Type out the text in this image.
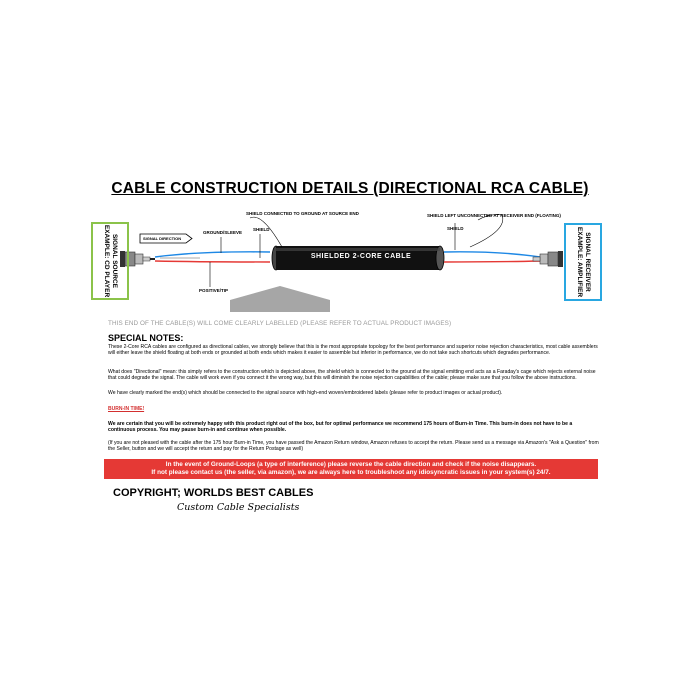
CABLE CONSTRUCTION DETAILS (DIRECTIONAL RCA CABLE)
SIGNAL SOURCE
EXAMPLE: CD PLAYER	SIGNAL RECEIVER
EXAMPLE: AMPLIFIER
SIGNAL DIRECTION
GROUND/SLEEVE
SHIELD
SHIELD CONNECTED TO GROUND AT SOURCE END	SHIELD LEFT UNCONNECTED AT RECEIVER END (FLOATING)
SHIELD
SHIELDED 2-CORE CABLE
POSITIVE/TIP
THIS END OF THE CABLE(S) WILL COME CLEARLY LABELLED (PLEASE REFER TO ACTUAL PRODUCT IMAGES)
SPECIAL NOTES:
These 2-Core RCA cables are configured as directional cables, we strongly believe that this is the most appropriate topology for the best performance and superior noise rejection characteristics, most cable assemblers will either leave the shield floating at both ends or grounded at both ends which makes it easier to assemble but inferior in performance, we do not take such shortcuts which degrades performance.
What does "Directional" mean: this simply refers to the construction which is depicted above, the shield which is connected to the ground at the signal emitting end acts as a Faraday's cage which rejects external noise that could degrade the signal. The cable will work even if you connect it the wrong way, but this will diminish the noise rejection capabilities of the cable; please make sure that you follow the above instructions.
We have clearly marked the end(s) which should be connected to the signal source with high-end woven/embroidered labels (please refer to product images or actual product).
BURN-IN TIME!
We are certain that you will be extremely happy with this product right out of the box, but for optimal performance we recommend 175 hours of Burn-in Time. This burn-in does not have to be a continuous process. You may pause burn-in and continue when possible.
(If you are not pleased with the cable after the 175 hour Burn-in Time, you have passed the Amazon Return window, Amazon refuses to accept the return. Please send us a message via Amazon's "Ask a Question" from the Seller, button and we will accept the return and pay for the Return Postage as well)
In the event of Ground-Loops (a type of interference) please reverse the cable direction and check if the noise disappears.
If not please contact us (the seller, via amazon), we are always here to troubleshoot any idiosyncratic issues in your system(s) 24/7.
COPYRIGHT; WORLDS BEST CABLES
Custom Cable Specialists
